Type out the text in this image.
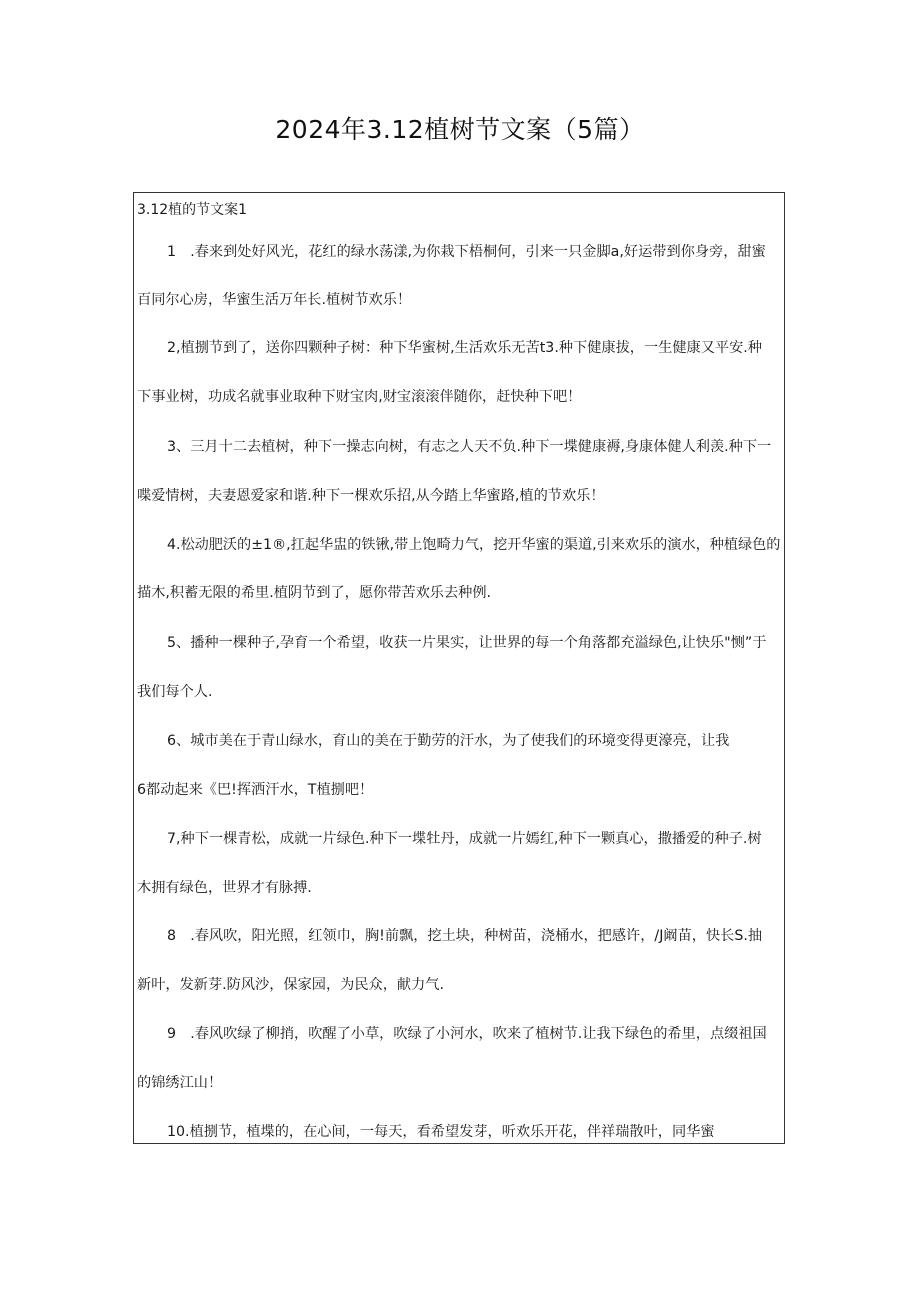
2024年3.12植树节文案（5篇）
3.12植的节文案1
1　.春来到处好风光，花红的绿水荡漾,为你栽下梧桐何，引来一只金脚a,好运带到你身旁，甜蜜
百同尔心房，华蜜生活万年长.植树节欢乐！
2,植捌节到了，送你四颗种子树：种下华蜜树,生活欢乐无苦t3.种下健康拔，一生健康又平安.种
下事业树，功成名就事业取种下财宝肉,财宝滚滚伴随你，赶快种下吧！
3、三月十二去植树，种下一操志向树，有志之人天不负.种下一堞健康褥,身康体健人利羡.种下一
喋爱情树，夫妻恩爱家和谐.种下一棵欢乐招,从今踏上华蜜路,植的节欢乐！
4.松动肥沃的±1®,扛起华盅的铁锹,带上饱畸力气，挖开华蜜的渠道,引来欢乐的演水，种植绿色的
描木,积蓄无限的希里.植阴节到了，愿你带苦欢乐去种例.
5、播种一棵种子,孕育一个希望，收获一片果实，让世界的每一个角落都充溢绿色,让快乐"恻”于
我们每个人.
6、城市美在于青山绿水，育山的美在于勤劳的汗水，为了使我们的环境变得更濠亮，让我
6都动起来《巴!挥洒汗水，T植捌吧！
7,种下一棵青松，成就一片绿色.种下一堞牡丹，成就一片嫣红,种下一颗真心，撒播爱的种子.树
木拥有绿色，世界才有脉搏.
8　.春风吹，阳光照，红领巾，胸!前飘，挖土块，种树苗，浇桶水，把感许，/J阚苗，快长S.抽
新叶，发新芽.防风沙，保家园，为民众，献力气.
9　.春风吹绿了柳捎，吹醒了小草，吹绿了小河水，吹来了植树节.让我下绿色的希里，点缀祖国
的锦绣江山！
10.植捌节，植堞的，在心间，一每天，看希望发芽，听欢乐开花，伴祥瑞散叶，同华蜜
